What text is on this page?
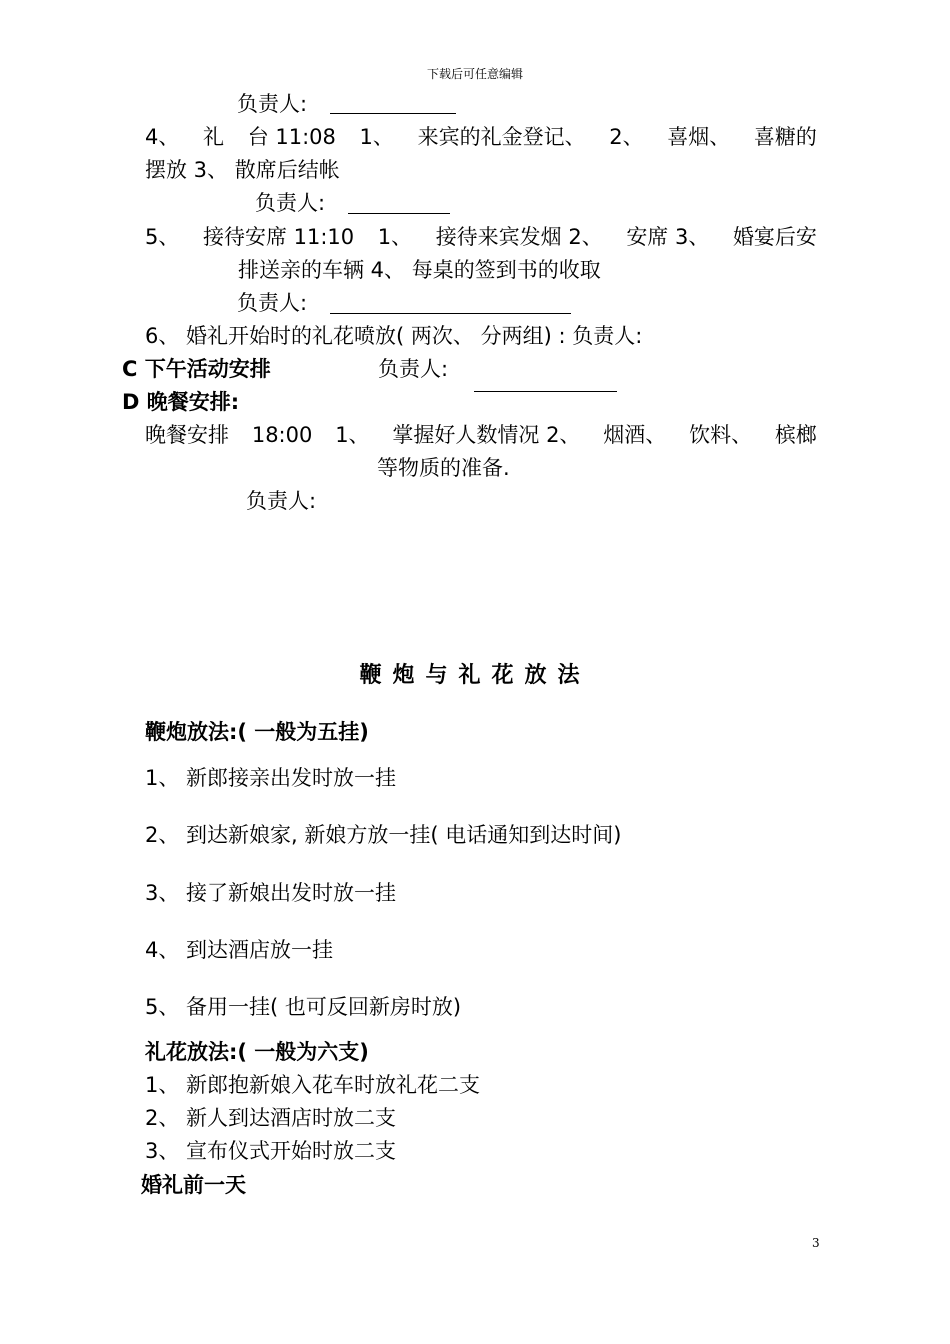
下载后可任意编辑
负责人:
4、 礼 台 11:08 1、 来宾的礼金登记、 2、 喜烟、 喜糖的
摆放 3、 散席后结帐
负责人:
5、 接待安席 11:10 1、 接待来宾发烟 2、 安席 3、 婚宴后安
排送亲的车辆 4、 每桌的签到书的收取
负责人:
6、 婚礼开始时的礼花喷放( 两次、 分两组) : 负责人:
C 下午活动安排	负责人:
D 晚餐安排:
晚餐安排 18:00 1、 掌握好人数情况 2、 烟酒、 饮料、 槟榔
等物质的准备.
负责人:
鞭炮与礼花放法
鞭炮放法:( 一般为五挂)
1、 新郎接亲出发时放一挂
2、 到达新娘家, 新娘方放一挂( 电话通知到达时间)
3、 接了新娘出发时放一挂
4、 到达酒店放一挂
5、 备用一挂( 也可反回新房时放)
礼花放法:( 一般为六支)
1、 新郎抱新娘入花车时放礼花二支
2、 新人到达酒店时放二支
3、 宣布仪式开始时放二支
婚礼前一天
3
